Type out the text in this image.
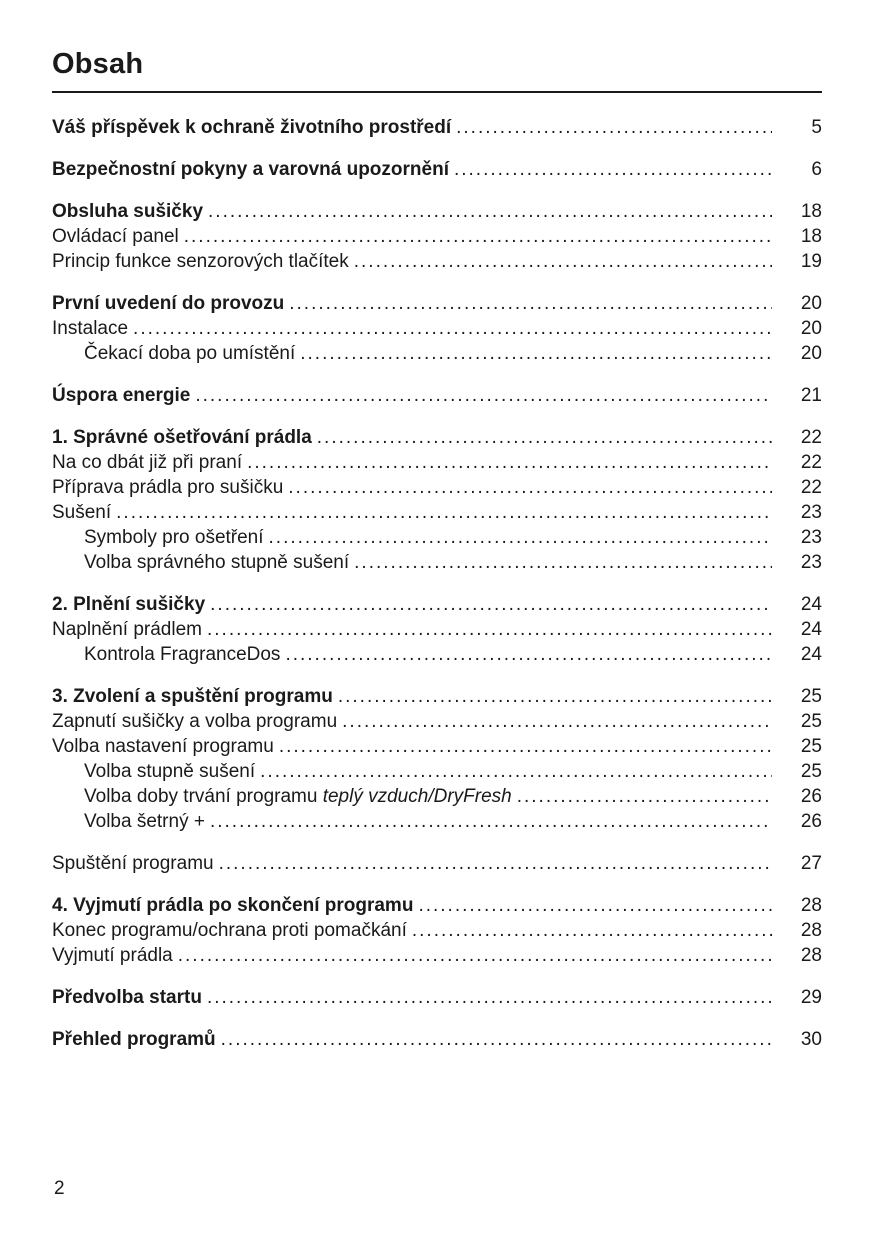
Obsah
Váš příspěvek k ochraně životního prostředí .....	5
Bezpečnostní pokyny a varovná upozornění .....	6
Obsluha sušičky .....	18
Ovládací panel .....	18
Princip funkce senzorových tlačítek .....	19
První uvedení do provozu .....	20
Instalace .....	20
Čekací doba po umístění .....	20
Úspora energie .....	21
1. Správné ošetřování prádla .....	22
Na co dbát již při praní .....	22
Příprava prádla pro sušičku .....	22
Sušení .....	23
Symboly pro ošetření .....	23
Volba správného stupně sušení .....	23
2. Plnění sušičky .....	24
Naplnění prádlem .....	24
Kontrola FragranceDos .....	24
3. Zvolení a spuštění programu .....	25
Zapnutí sušičky a volba programu .....	25
Volba nastavení programu .....	25
Volba stupně sušení .....	25
Volba doby trvání programu teplý vzduch/DryFresh .....	26
Volba šetrný + .....	26
Spuštění programu .....	27
4. Vyjmutí prádla po skončení programu .....	28
Konec programu/ochrana proti pomačkání .....	28
Vyjmutí prádla .....	28
Předvolba startu .....	29
Přehled programů .....	30
2
